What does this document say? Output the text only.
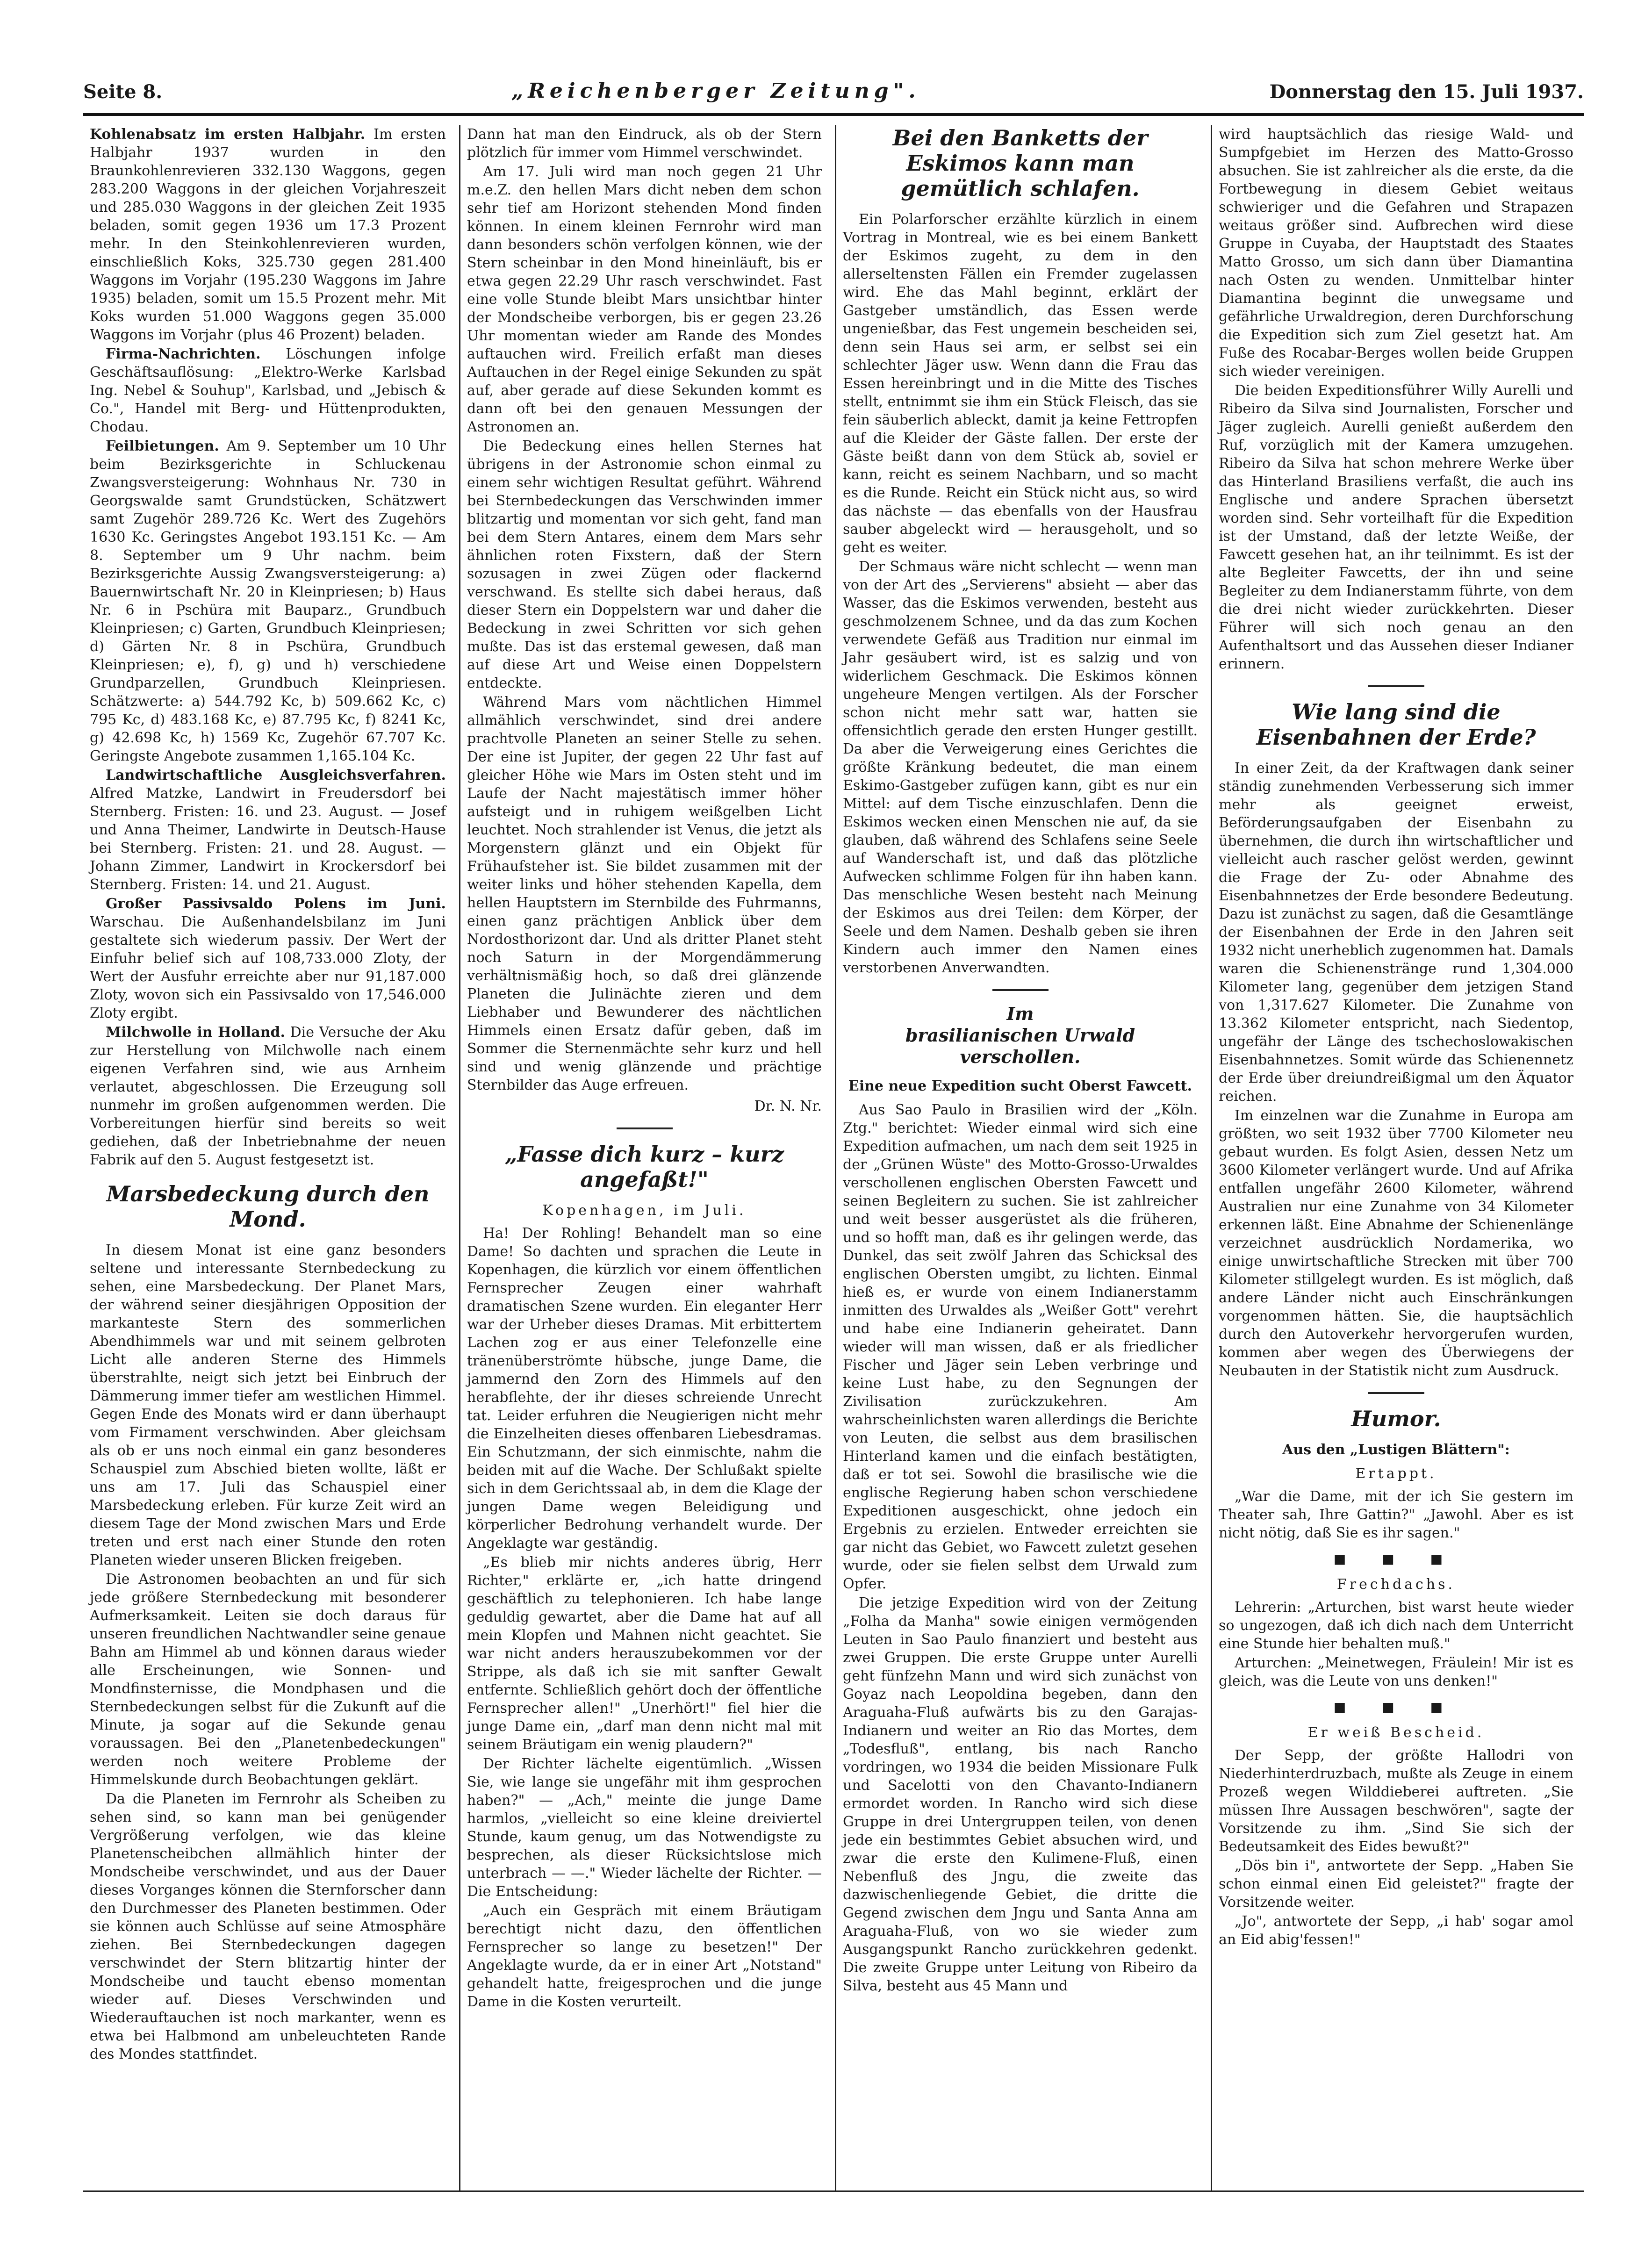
Seite 8.	„Reichenberger Zeitung".	Donnerstag den 15. Juli 1937.

Kohlenabsatz im ersten Halbjahr. Im ersten Halbjahr 1937 wurden in den Braunkohlenrevieren 332.130 Waggons, gegen 283.200 Waggons in der gleichen Vorjahreszeit und 285.030 Waggons in der gleichen Zeit 1935 beladen, somit gegen 1936 um 17.3 Prozent mehr. In den Steinkohlenrevieren wurden, einschließlich Koks, 325.730 gegen 281.400 Waggons im Vorjahr (195.230 Waggons im Jahre 1935) beladen, somit um 15.5 Prozent mehr. Mit Koks wurden 51.000 Waggons gegen 35.000 Waggons im Vorjahr (plus 46 Prozent) beladen.

Firma-Nachrichten. Löschungen infolge Geschäftsauflösung: „Elektro-Werke Karlsbad Ing. Nebel & Souhup", Karlsbad, und „Jebisch & Co.", Handel mit Berg- und Hüttenprodukten, Chodau.

Feilbietungen. Am 9. September um 10 Uhr beim Bezirksgerichte in Schluckenau Zwangsversteigerung: Wohnhaus Nr. 730 in Georgswalde samt Grundstücken, Schätzwert samt Zugehör 289.726 Kc. Wert des Zugehörs 1630 Kc. Geringstes Angebot 193.151 Kc. — Am 8. September um 9 Uhr nachm. beim Bezirksgerichte Aussig Zwangsversteigerung: a) Bauernwirtschaft Nr. 20 in Kleinpriesen; b) Haus Nr. 6 in Pschüra mit Bauparz., Grundbuch Kleinpriesen; c) Garten, Grundbuch Kleinpriesen; d) Gärten Nr. 8 in Pschüra, Grundbuch Kleinpriesen; e), f), g) und h) verschiedene Grundparzellen, Grundbuch Kleinpriesen. Schätzwerte: a) 544.792 Kc, b) 509.662 Kc, c) 795 Kc, d) 483.168 Kc, e) 87.795 Kc, f) 8241 Kc, g) 42.698 Kc, h) 1569 Kc, Zugehör 67.707 Kc. Geringste Angebote zusammen 1,165.104 Kc.

Landwirtschaftliche Ausgleichsverfahren. Alfred Matzke, Landwirt in Freudersdorf bei Sternberg. Fristen: 16. und 23. August. — Josef und Anna Theimer, Landwirte in Deutsch-Hause bei Sternberg. Fristen: 21. und 28. August. — Johann Zimmer, Landwirt in Krockersdorf bei Sternberg. Fristen: 14. und 21. August.

Großer Passivsaldo Polens im Juni. Warschau. Die Außenhandelsbilanz im Juni gestaltete sich wiederum passiv. Der Wert der Einfuhr belief sich auf 108,733.000 Zloty, der Wert der Ausfuhr erreichte aber nur 91,187.000 Zloty, wovon sich ein Passivsaldo von 17,546.000 Zloty ergibt.

Milchwolle in Holland. Die Versuche der Aku zur Herstellung von Milchwolle nach einem eigenen Verfahren sind, wie aus Arnheim verlautet, abgeschlossen. Die Erzeugung soll nunmehr im großen aufgenommen werden. Die Vorbereitungen hierfür sind bereits so weit gediehen, daß der Inbetriebnahme der neuen Fabrik auf den 5. August festgesetzt ist.

Marsbedeckung durch den Mond.

In diesem Monat ist eine ganz besonders seltene und interessante Sternbedeckung zu sehen, eine Marsbedeckung. Der Planet Mars, der während seiner diesjährigen Opposition der markanteste Stern des sommerlichen Abendhimmels war und mit seinem gelbroten Licht alle anderen Sterne des Himmels überstrahlte, neigt sich jetzt bei Einbruch der Dämmerung immer tiefer am westlichen Himmel. Gegen Ende des Monats wird er dann überhaupt vom Firmament verschwinden. Aber gleichsam als ob er uns noch einmal ein ganz besonderes Schauspiel zum Abschied bieten wollte, läßt er uns am 17. Juli das Schauspiel einer Marsbedeckung erleben. Für kurze Zeit wird an diesem Tage der Mond zwischen Mars und Erde treten und erst nach einer Stunde den roten Planeten wieder unseren Blicken freigeben.

Die Astronomen beobachten an und für sich jede größere Sternbedeckung mit besonderer Aufmerksamkeit. Leiten sie doch daraus für unseren freundlichen Nachtwandler seine genaue Bahn am Himmel ab und können daraus wieder alle Erscheinungen, wie Sonnen- und Mondfinsternisse, die Mondphasen und die Sternbedeckungen selbst für die Zukunft auf die Minute, ja sogar auf die Sekunde genau voraussagen. Bei den „Planetenbedeckungen" werden noch weitere Probleme der Himmelskunde durch Beobachtungen geklärt.

Da die Planeten im Fernrohr als Scheiben zu sehen sind, so kann man bei genügender Vergrößerung verfolgen, wie das kleine Planetenscheibchen allmählich hinter der Mondscheibe verschwindet, und aus der Dauer dieses Vorganges können die Sternforscher dann den Durchmesser des Planeten bestimmen. Oder sie können auch Schlüsse auf seine Atmosphäre ziehen. Bei Sternbedeckungen dagegen verschwindet der Stern blitzartig hinter der Mondscheibe und taucht ebenso momentan wieder auf. Dieses Verschwinden und Wiederauftauchen ist noch markanter, wenn es etwa bei Halbmond am unbeleuchteten Rande des Mondes stattfindet.

Dann hat man den Eindruck, als ob der Stern plötzlich für immer vom Himmel verschwindet.

Am 17. Juli wird man noch gegen 21 Uhr m.e.Z. den hellen Mars dicht neben dem schon sehr tief am Horizont stehenden Mond finden können. In einem kleinen Fernrohr wird man dann besonders schön verfolgen können, wie der Stern scheinbar in den Mond hineinläuft, bis er etwa gegen 22.29 Uhr rasch verschwindet. Fast eine volle Stunde bleibt Mars unsichtbar hinter der Mondscheibe verborgen, bis er gegen 23.26 Uhr momentan wieder am Rande des Mondes auftauchen wird. Freilich erfaßt man dieses Auftauchen in der Regel einige Sekunden zu spät auf, aber gerade auf diese Sekunden kommt es dann oft bei den genauen Messungen der Astronomen an.

Die Bedeckung eines hellen Sternes hat übrigens in der Astronomie schon einmal zu einem sehr wichtigen Resultat geführt. Während bei Sternbedeckungen das Verschwinden immer blitzartig und momentan vor sich geht, fand man bei dem Stern Antares, einem dem Mars sehr ähnlichen roten Fixstern, daß der Stern sozusagen in zwei Zügen oder flackernd verschwand. Es stellte sich dabei heraus, daß dieser Stern ein Doppelstern war und daher die Bedeckung in zwei Schritten vor sich gehen mußte. Das ist das erstemal gewesen, daß man auf diese Art und Weise einen Doppelstern entdeckte.

Während Mars vom nächtlichen Himmel allmählich verschwindet, sind drei andere prachtvolle Planeten an seiner Stelle zu sehen. Der eine ist Jupiter, der gegen 22 Uhr fast auf gleicher Höhe wie Mars im Osten steht und im Laufe der Nacht majestätisch immer höher aufsteigt und in ruhigem weißgelben Licht leuchtet. Noch strahlender ist Venus, die jetzt als Morgenstern glänzt und ein Objekt für Frühaufsteher ist. Sie bildet zusammen mit der weiter links und höher stehenden Kapella, dem hellen Hauptstern im Sternbilde des Fuhrmanns, einen ganz prächtigen Anblick über dem Nordosthorizont dar. Und als dritter Planet steht noch Saturn in der Morgendämmerung verhältnismäßig hoch, so daß drei glänzende Planeten die Julinächte zieren und dem Liebhaber und Bewunderer des nächtlichen Himmels einen Ersatz dafür geben, daß im Sommer die Sternenmächte sehr kurz und hell sind und wenig glänzende und prächtige Sternbilder das Auge erfreuen.

Dr. N. Nr.
„Fasse dich kurz – kurz angefaßt!"
Kopenhagen, im Juli.

Ha! Der Rohling! Behandelt man so eine Dame! So dachten und sprachen die Leute in Kopenhagen, die kürzlich vor einem öffentlichen Fernsprecher Zeugen einer wahrhaft dramatischen Szene wurden. Ein eleganter Herr war der Urheber dieses Dramas. Mit erbittertem Lachen zog er aus einer Telefonzelle eine tränenüberströmte hübsche, junge Dame, die jammernd den Zorn des Himmels auf den herabflehte, der ihr dieses schreiende Unrecht tat. Leider erfuhren die Neugierigen nicht mehr die Einzelheiten dieses offenbaren Liebesdramas. Ein Schutzmann, der sich einmischte, nahm die beiden mit auf die Wache. Der Schlußakt spielte sich in dem Gerichtssaal ab, in dem die Klage der jungen Dame wegen Beleidigung und körperlicher Bedrohung verhandelt wurde. Der Angeklagte war geständig.

„Es blieb mir nichts anderes übrig, Herr Richter," erklärte er, „ich hatte dringend geschäftlich zu telephonieren. Ich habe lange geduldig gewartet, aber die Dame hat auf all mein Klopfen und Mahnen nicht geachtet. Sie war nicht anders herauszubekommen vor der Strippe, als daß ich sie mit sanfter Gewalt entfernte. Schließlich gehört doch der öffentliche Fernsprecher allen!" „Unerhört!" fiel hier die junge Dame ein, „darf man denn nicht mal mit seinem Bräutigam ein wenig plaudern?"

Der Richter lächelte eigentümlich. „Wissen Sie, wie lange sie ungefähr mit ihm gesprochen haben?" — „Ach," meinte die junge Dame harmlos, „vielleicht so eine kleine dreiviertel Stunde, kaum genug, um das Notwendigste zu besprechen, als dieser Rücksichtslose mich unterbrach — —." Wieder lächelte der Richter. — Die Entscheidung:

„Auch ein Gespräch mit einem Bräutigam berechtigt nicht dazu, den öffentlichen Fernsprecher so lange zu besetzen!" Der Angeklagte wurde, da er in einer Art „Notstand" gehandelt hatte, freigesprochen und die junge Dame in die Kosten verurteilt.

Bei den Banketts der Eskimos kann man gemütlich schlafen.

Ein Polarforscher erzählte kürzlich in einem Vortrag in Montreal, wie es bei einem Bankett der Eskimos zugeht, zu dem in den allerseltensten Fällen ein Fremder zugelassen wird. Ehe das Mahl beginnt, erklärt der Gastgeber umständlich, das Essen werde ungenießbar, das Fest ungemein bescheiden sei, denn sein Haus sei arm, er selbst sei ein schlechter Jäger usw. Wenn dann die Frau das Essen hereinbringt und in die Mitte des Tisches stellt, entnimmt sie ihm ein Stück Fleisch, das sie fein säuberlich ableckt, damit ja keine Fettropfen auf die Kleider der Gäste fallen. Der erste der Gäste beißt dann von dem Stück ab, soviel er kann, reicht es seinem Nachbarn, und so macht es die Runde. Reicht ein Stück nicht aus, so wird das nächste — das ebenfalls von der Hausfrau sauber abgeleckt wird — herausgeholt, und so geht es weiter.

Der Schmaus wäre nicht schlecht — wenn man von der Art des „Servierens" absieht — aber das Wasser, das die Eskimos verwenden, besteht aus geschmolzenem Schnee, und da das zum Kochen verwendete Gefäß aus Tradition nur einmal im Jahr gesäubert wird, ist es salzig und von widerlichem Geschmack. Die Eskimos können ungeheure Mengen vertilgen. Als der Forscher schon nicht mehr satt war, hatten sie offensichtlich gerade den ersten Hunger gestillt. Da aber die Verweigerung eines Gerichtes die größte Kränkung bedeutet, die man einem Eskimo-Gastgeber zufügen kann, gibt es nur ein Mittel: auf dem Tische einzuschlafen. Denn die Eskimos wecken einen Menschen nie auf, da sie glauben, daß während des Schlafens seine Seele auf Wanderschaft ist, und daß das plötzliche Aufwecken schlimme Folgen für ihn haben kann. Das menschliche Wesen besteht nach Meinung der Eskimos aus drei Teilen: dem Körper, der Seele und dem Namen. Deshalb geben sie ihren Kindern auch immer den Namen eines verstorbenen Anverwandten.

Im
brasilianischen Urwald verschollen.
Eine neue Expedition sucht Oberst Fawcett.

Aus Sao Paulo in Brasilien wird der „Köln. Ztg." berichtet: Wieder einmal wird sich eine Expedition aufmachen, um nach dem seit 1925 in der „Grünen Wüste" des Motto-Grosso-Urwaldes verschollenen englischen Obersten Fawcett und seinen Begleitern zu suchen. Sie ist zahlreicher und weit besser ausgerüstet als die früheren, und so hofft man, daß es ihr gelingen werde, das Dunkel, das seit zwölf Jahren das Schicksal des englischen Obersten umgibt, zu lichten. Einmal hieß es, er wurde von einem Indianerstamm inmitten des Urwaldes als „Weißer Gott" verehrt und habe eine Indianerin geheiratet. Dann wieder will man wissen, daß er als friedlicher Fischer und Jäger sein Leben verbringe und keine Lust habe, zu den Segnungen der Zivilisation zurückzukehren. Am wahrscheinlichsten waren allerdings die Berichte von Leuten, die selbst aus dem brasilischen Hinterland kamen und die einfach bestätigten, daß er tot sei. Sowohl die brasilische wie die englische Regierung haben schon verschiedene Expeditionen ausgeschickt, ohne jedoch ein Ergebnis zu erzielen. Entweder erreichten sie gar nicht das Gebiet, wo Fawcett zuletzt gesehen wurde, oder sie fielen selbst dem Urwald zum Opfer.

Die jetzige Expedition wird von der Zeitung „Folha da Manha" sowie einigen vermögenden Leuten in Sao Paulo finanziert und besteht aus zwei Gruppen. Die erste Gruppe unter Aurelli geht fünfzehn Mann und wird sich zunächst von Goyaz nach Leopoldina begeben, dann den Araguaha-Fluß aufwärts bis zu den Garajas-Indianern und weiter an Rio das Mortes, dem „Todesfluß", entlang, bis nach Rancho vordringen, wo 1934 die beiden Missionare Fulk und Sacelotti von den Chavanto-Indianern ermordet worden. In Rancho wird sich diese Gruppe in drei Untergruppen teilen, von denen jede ein bestimmtes Gebiet absuchen wird, und zwar die erste den Kulimene-Fluß, einen Nebenfluß des Jngu, die zweite das dazwischenliegende Gebiet, die dritte die Gegend zwischen dem Jngu und Santa Anna am Araguaha-Fluß, von wo sie wieder zum Ausgangspunkt Rancho zurückkehren gedenkt. Die zweite Gruppe unter Leitung von Ribeiro da Silva, besteht aus 45 Mann und

wird hauptsächlich das riesige Wald- und Sumpfgebiet im Herzen des Matto-Grosso absuchen. Sie ist zahlreicher als die erste, da die Fortbewegung in diesem Gebiet weitaus schwieriger und die Gefahren und Strapazen weitaus größer sind. Aufbrechen wird diese Gruppe in Cuyaba, der Hauptstadt des Staates Matto Grosso, um sich dann über Diamantina nach Osten zu wenden. Unmittelbar hinter Diamantina beginnt die unwegsame und gefährliche Urwaldregion, deren Durchforschung die Expedition sich zum Ziel gesetzt hat. Am Fuße des Rocabar-Berges wollen beide Gruppen sich wieder vereinigen.

Die beiden Expeditionsführer Willy Aurelli und Ribeiro da Silva sind Journalisten, Forscher und Jäger zugleich. Aurelli genießt außerdem den Ruf, vorzüglich mit der Kamera umzugehen. Ribeiro da Silva hat schon mehrere Werke über das Hinterland Brasiliens verfaßt, die auch ins Englische und andere Sprachen übersetzt worden sind. Sehr vorteilhaft für die Expedition ist der Umstand, daß der letzte Weiße, der Fawcett gesehen hat, an ihr teilnimmt. Es ist der alte Begleiter Fawcetts, der ihn und seine Begleiter zu dem Indianerstamm führte, von dem die drei nicht wieder zurückkehrten. Dieser Führer will sich noch genau an den Aufenthaltsort und das Aussehen dieser Indianer erinnern.

Wie lang sind die Eisenbahnen der Erde?

In einer Zeit, da der Kraftwagen dank seiner ständig zunehmenden Verbesserung sich immer mehr als geeignet erweist, Beförderungsaufgaben der Eisenbahn zu übernehmen, die durch ihn wirtschaftlicher und vielleicht auch rascher gelöst werden, gewinnt die Frage der Zu- oder Abnahme des Eisenbahnnetzes der Erde besondere Bedeutung. Dazu ist zunächst zu sagen, daß die Gesamtlänge der Eisenbahnen der Erde in den Jahren seit 1932 nicht unerheblich zugenommen hat. Damals waren die Schienenstränge rund 1,304.000 Kilometer lang, gegenüber dem jetzigen Stand von 1,317.627 Kilometer. Die Zunahme von 13.362 Kilometer entspricht, nach Siedentop, ungefähr der Länge des tschechoslowakischen Eisenbahnnetzes. Somit würde das Schienennetz der Erde über dreiundreißigmal um den Äquator reichen.

Im einzelnen war die Zunahme in Europa am größten, wo seit 1932 über 7700 Kilometer neu gebaut wurden. Es folgt Asien, dessen Netz um 3600 Kilometer verlängert wurde. Und auf Afrika entfallen ungefähr 2600 Kilometer, während Australien nur eine Zunahme von 34 Kilometer erkennen läßt. Eine Abnahme der Schienenlänge verzeichnet ausdrücklich Nordamerika, wo einige unwirtschaftliche Strecken mit über 700 Kilometer stillgelegt wurden. Es ist möglich, daß andere Länder nicht auch Einschränkungen vorgenommen hätten. Sie, die hauptsächlich durch den Autoverkehr hervorgerufen wurden, kommen aber wegen des Überwiegens der Neubauten in der Statistik nicht zum Ausdruck.

Humor.
Aus den „Lustigen Blättern":
Ertappt.

„War die Dame, mit der ich Sie gestern im Theater sah, Ihre Gattin?" „Jawohl. Aber es ist nicht nötig, daß Sie es ihr sagen."

■ ■ ■
Frechdachs.

Lehrerin: „Arturchen, bist warst heute wieder so ungezogen, daß ich dich nach dem Unterricht eine Stunde hier behalten muß."

Arturchen: „Meinetwegen, Fräulein! Mir ist es gleich, was die Leute von uns denken!"

■ ■ ■
Er weiß Bescheid.

Der Sepp, der größte Hallodri von Niederhinterdruzbach, mußte als Zeuge in einem Prozeß wegen Wilddieberei auftreten. „Sie müssen Ihre Aussagen beschwören", sagte der Vorsitzende zu ihm. „Sind Sie sich der Bedeutsamkeit des Eides bewußt?"

„Dös bin i", antwortete der Sepp. „Haben Sie schon einmal einen Eid geleistet?" fragte der Vorsitzende weiter.

„Jo", antwortete der Sepp, „i hab' sogar amol an Eid abig'fessen!"
